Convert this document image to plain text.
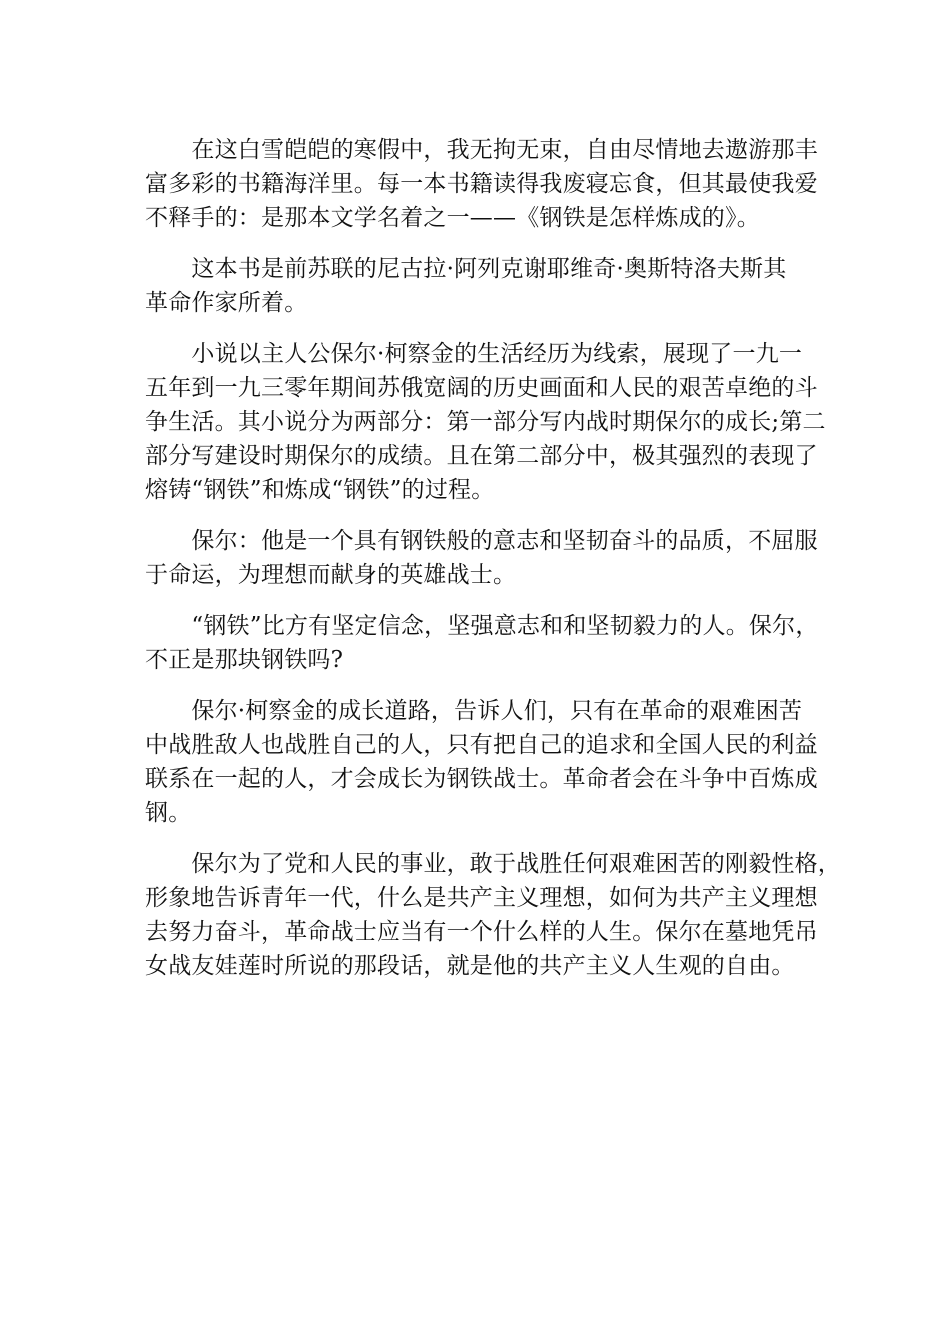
　　在这白雪皑皑的寒假中，我无拘无束，自由尽情地去遨游那丰
富多彩的书籍海洋里。每一本书籍读得我废寝忘食，但其最使我爱
不释手的：是那本文学名着之一——《钢铁是怎样炼成的》。
　　这本书是前苏联的尼古拉·阿列克谢耶维奇·奥斯特洛夫斯其
革命作家所着。
　　小说以主人公保尔·柯察金的生活经历为线索，展现了一九一
五年到一九三零年期间苏俄宽阔的历史画面和人民的艰苦卓绝的斗
争生活。其小说分为两部分：第一部分写内战时期保尔的成长;第二
部分写建设时期保尔的成绩。且在第二部分中，极其强烈的表现了
熔铸“钢铁”和炼成“钢铁”的过程。
　　保尔：他是一个具有钢铁般的意志和坚韧奋斗的品质，不屈服
于命运，为理想而献身的英雄战士。
　　“钢铁”比方有坚定信念，坚强意志和和坚韧毅力的人。保尔，
不正是那块钢铁吗?
　　保尔·柯察金的成长道路，告诉人们，只有在革命的艰难困苦
中战胜敌人也战胜自己的人，只有把自己的追求和全国人民的利益
联系在一起的人，才会成长为钢铁战士。革命者会在斗争中百炼成
钢。
　　保尔为了党和人民的事业，敢于战胜任何艰难困苦的刚毅性格，
形象地告诉青年一代，什么是共产主义理想，如何为共产主义理想
去努力奋斗，革命战士应当有一个什么样的人生。保尔在墓地凭吊
女战友娃莲时所说的那段话，就是他的共产主义人生观的自由。
